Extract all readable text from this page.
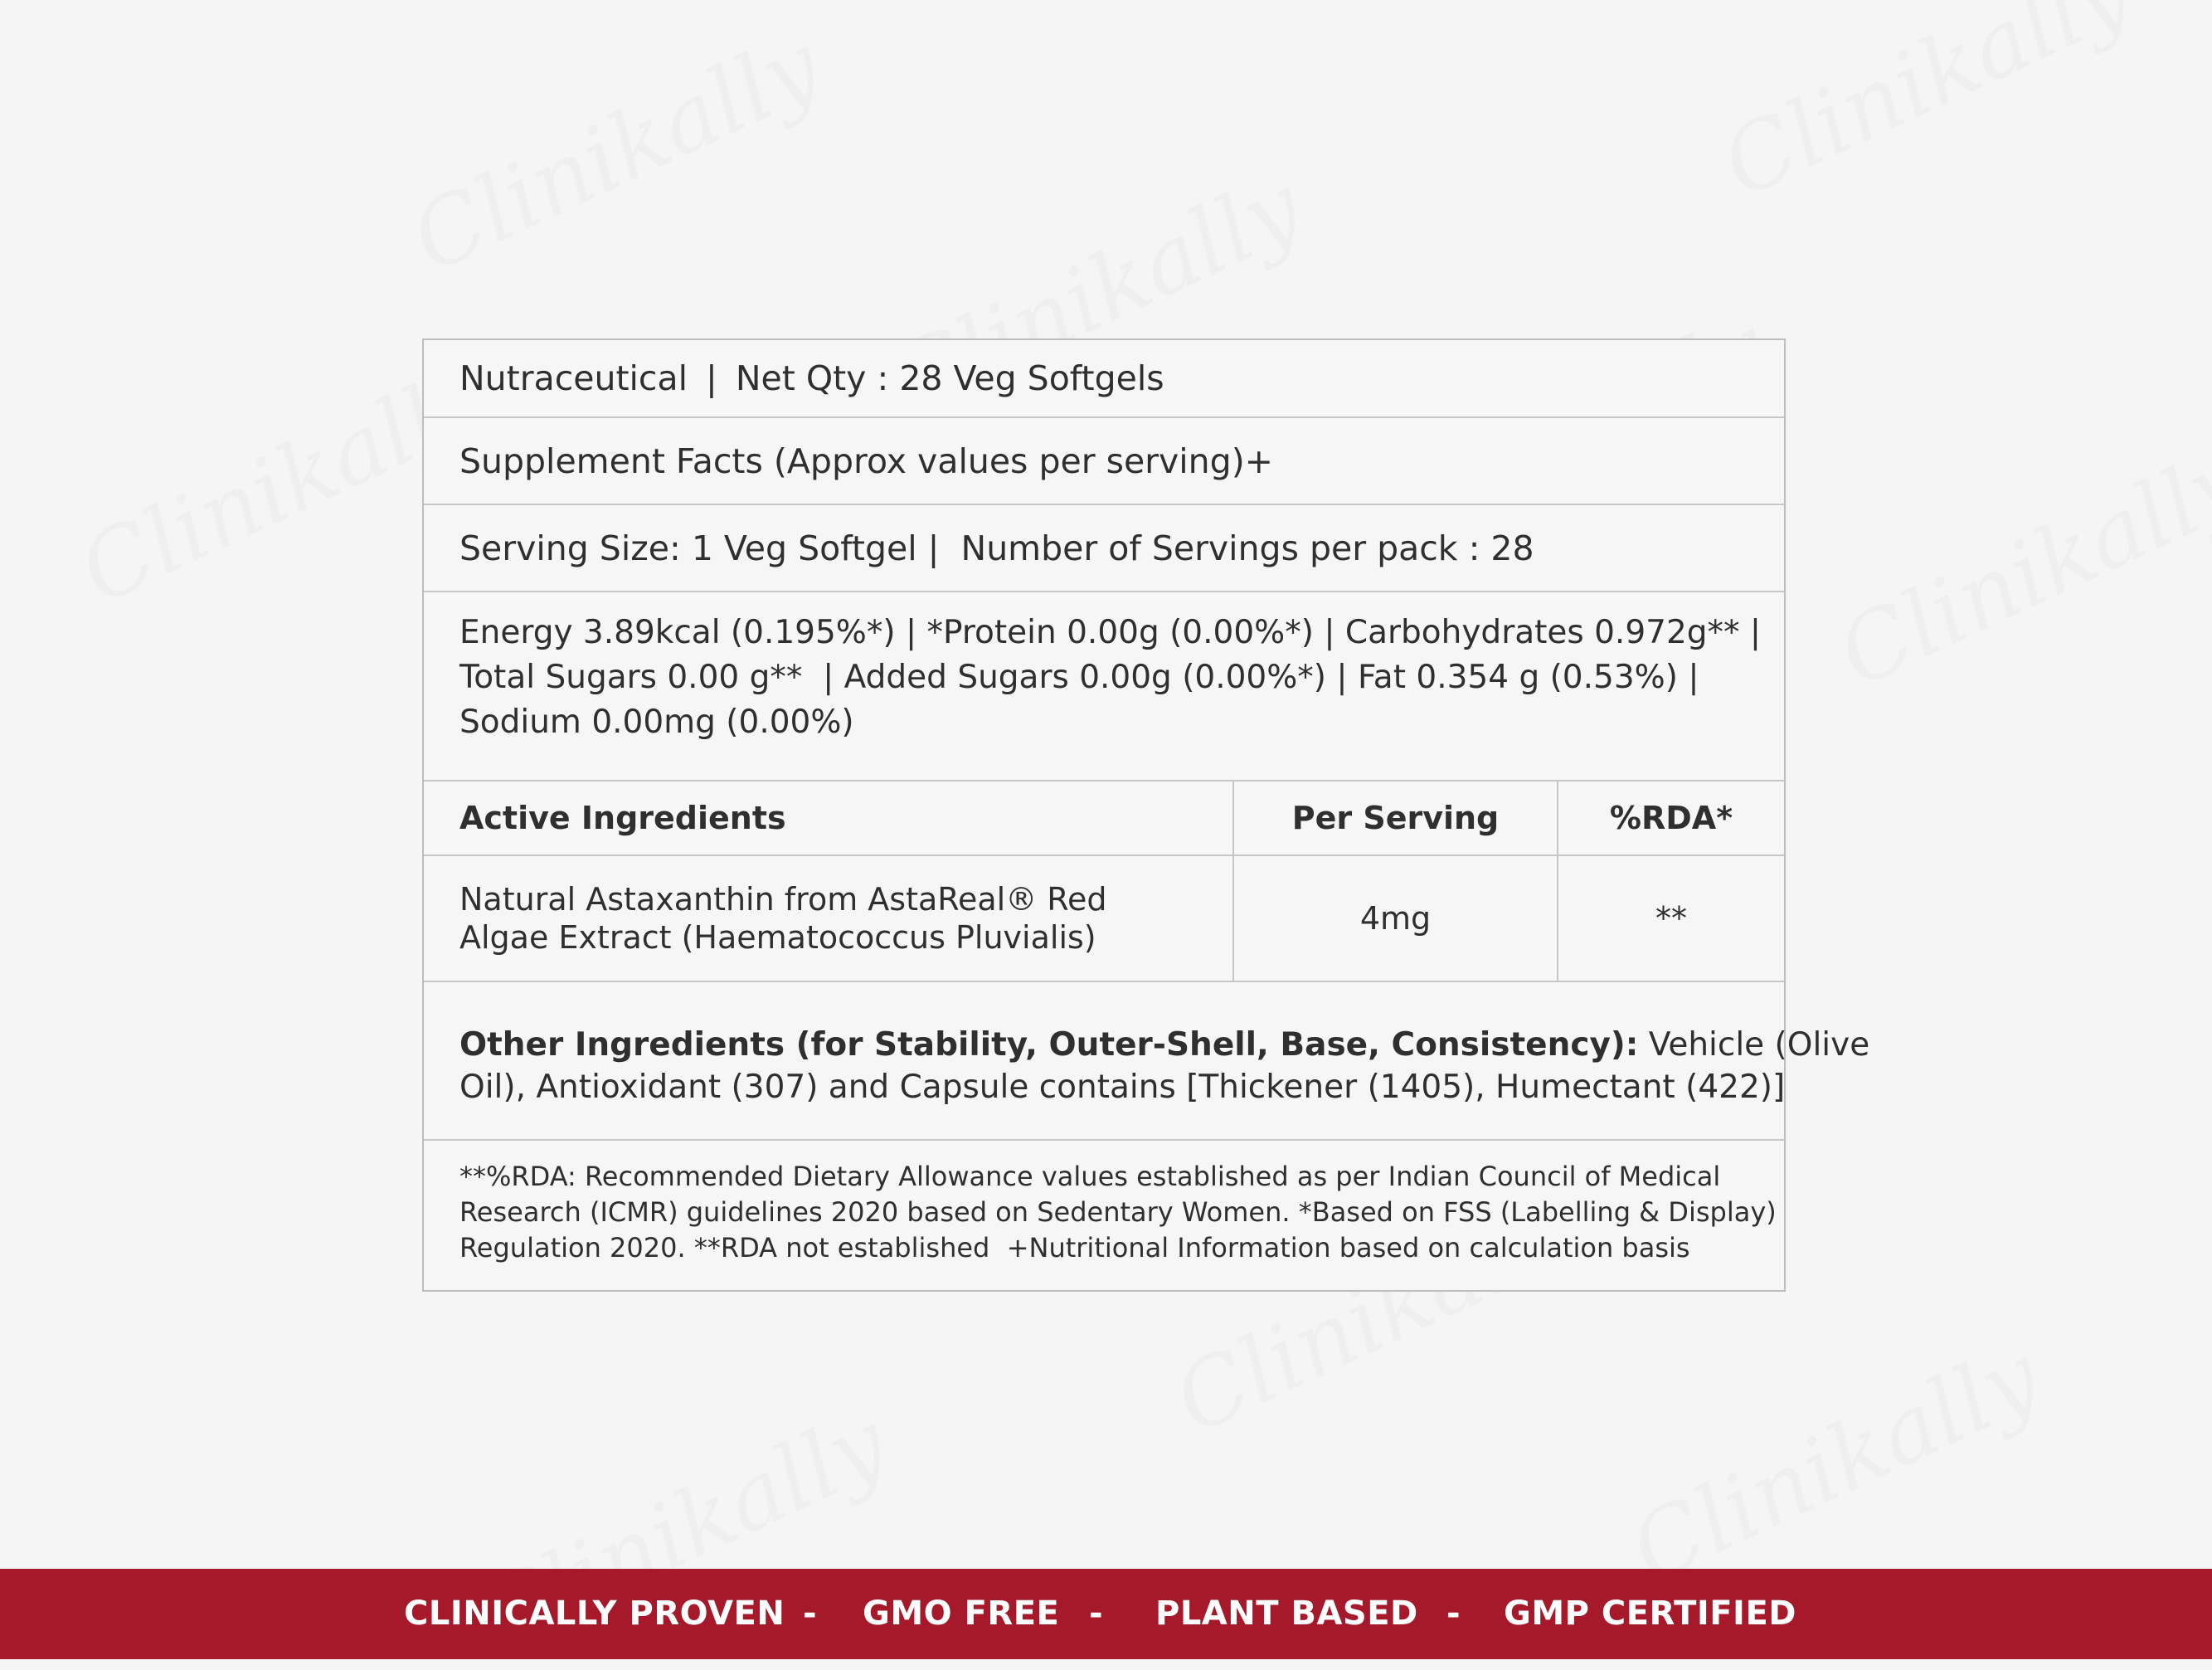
Nutraceutical | Net Qty : 28 Veg Softgels
Supplement Facts (Approx values per serving)+
Serving Size: 1 Veg Softgel |  Number of Servings per pack : 28
Energy 3.89kcal (0.195%*) | *Protein 0.00g (0.00%*) | Carbohydrates 0.972g** |
Total Sugars 0.00 g**  | Added Sugars 0.00g (0.00%*) | Fat 0.354 g (0.53%) |
Sodium 0.00mg (0.00%)
Active Ingredients	Per Serving	%RDA*
Natural Astaxanthin from AstaReal® Red
Algae Extract (Haematococcus Pluvialis)
4mg	**
Other Ingredients (for Stability, Outer-Shell, Base, Consistency): Vehicle (Olive
Oil), Antioxidant (307) and Capsule contains [Thickener (1405), Humectant (422)]
**%RDA: Recommended Dietary Allowance values established as per Indian Council of Medical
Research (ICMR) guidelines 2020 based on Sedentary Women. *Based on FSS (Labelling & Display)
Regulation 2020. **RDA not established  +Nutritional Information based on calculation basis
CLINICALLY PROVEN - GMO FREE - PLANT BASED - GMP CERTIFIED
